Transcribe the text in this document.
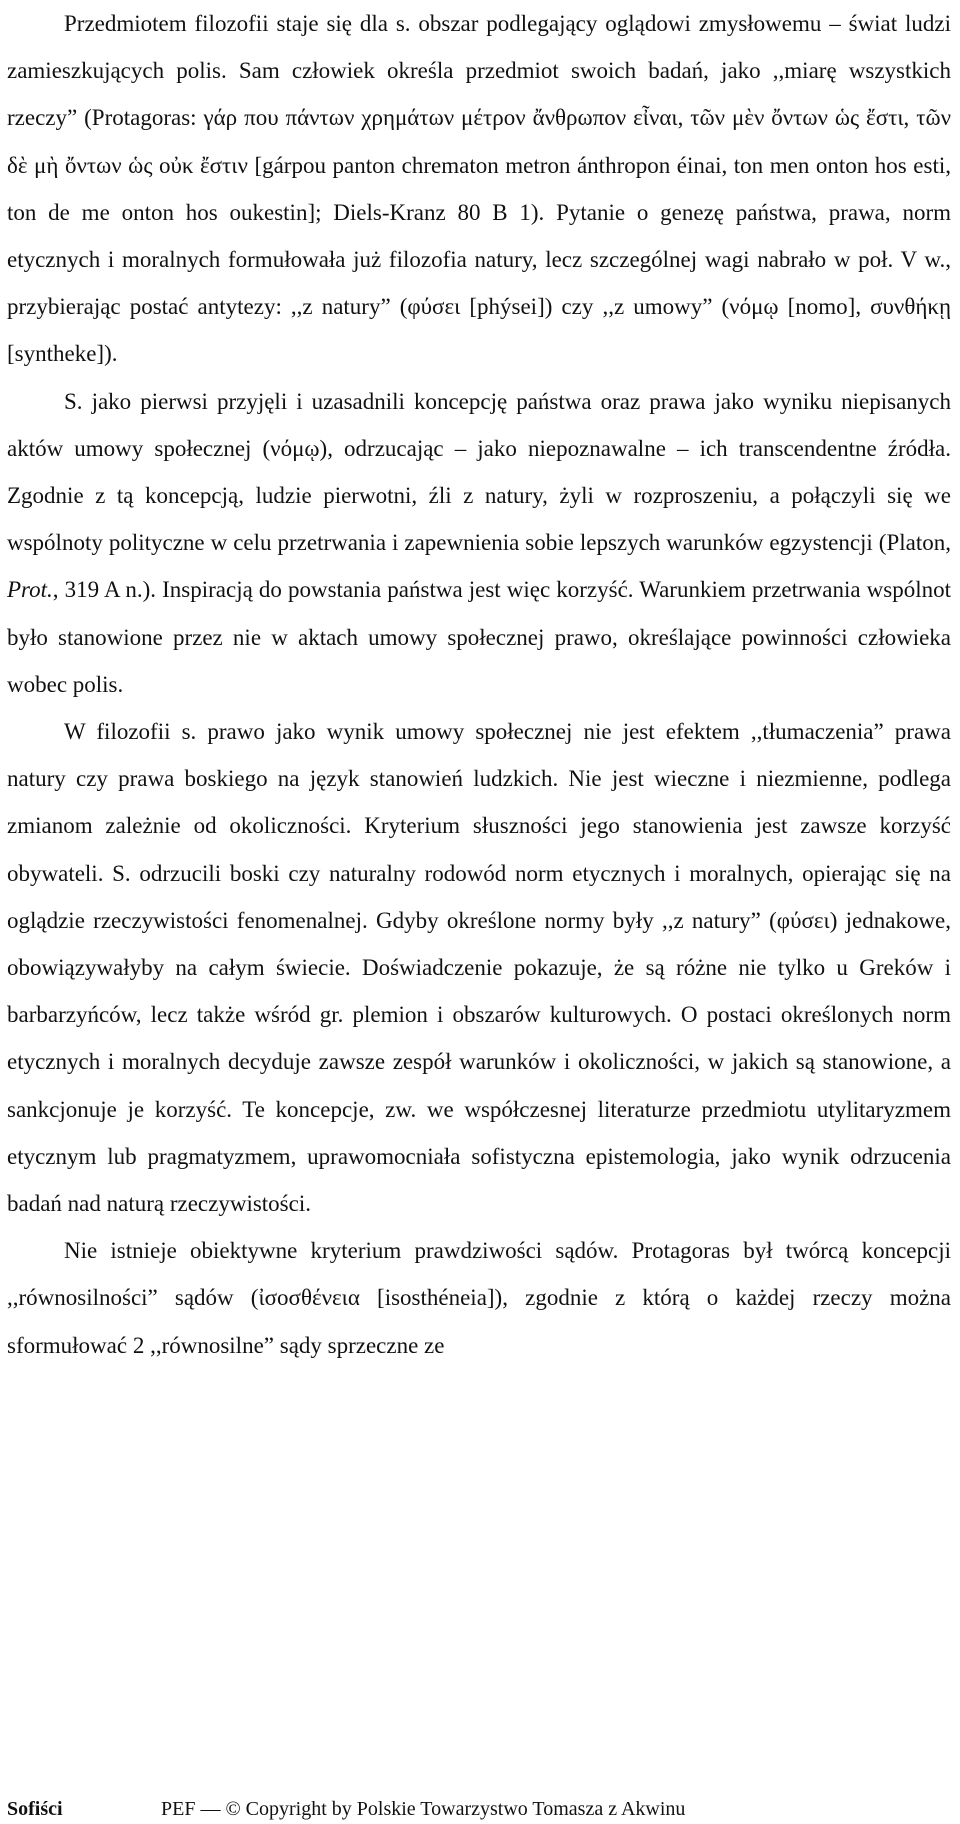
Przedmiotem filozofii staje się dla s. obszar podlegający oglądowi zmysłowemu – świat ludzi zamieszkujących polis. Sam człowiek określa przedmiot swoich badań, jako ,,miarę wszystkich rzeczy” (Protagoras: γάρ που πάντων χρημάτων μέτρον ἄνθρωπον εἶναι, τῶν μὲν ὄντων ὡς ἔστι, τῶν δὲ μὴ ὄντων ὡς οὐκ ἔστιν [gárpou panton chrematon metron ánthropon éinai, ton men onton hos esti, ton de me onton hos oukestin]; Diels-Kranz 80 B 1). Pytanie o genezę państwa, prawa, norm etycznych i moralnych formułowała już filozofia natury, lecz szczególnej wagi nabrało w poł. V w., przybierając postać antytezy: ,,z natury” (φύσει [phýsei]) czy ,,z umowy” (νόμῳ [nomo], συνθήκῃ [syntheke]).

S. jako pierwsi przyjęli i uzasadnili koncepcję państwa oraz prawa jako wyniku niepisanych aktów umowy społecznej (νόμῳ), odrzucając – jako niepoznawalne – ich transcendentne źródła. Zgodnie z tą koncepcją, ludzie pierwotni, źli z natury, żyli w rozproszeniu, a połączyli się we wspólnoty polityczne w celu przetrwania i zapewnienia sobie lepszych warunków egzystencji (Platon, Prot., 319 A n.). Inspiracją do powstania państwa jest więc korzyść. Warunkiem przetrwania wspólnot było stanowione przez nie w aktach umowy społecznej prawo, określające powinności człowieka wobec polis.

W filozofii s. prawo jako wynik umowy społecznej nie jest efektem ,,tłumaczenia” prawa natury czy prawa boskiego na język stanowień ludzkich. Nie jest wieczne i niezmienne, podlega zmianom zależnie od okoliczności. Kryterium słuszności jego stanowienia jest zawsze korzyść obywateli. S. odrzucili boski czy naturalny rodowód norm etycznych i moralnych, opierając się na oglądzie rzeczywistości fenomenalnej. Gdyby określone normy były ,,z natury” (φύσει) jednakowe, obowiązywałyby na całym świecie. Doświadczenie pokazuje, że są różne nie tylko u Greków i barbarzyńców, lecz także wśród gr. plemion i obszarów kulturowych. O postaci określonych norm etycznych i moralnych decyduje zawsze zespół warunków i okoliczności, w jakich są stanowione, a sankcjonuje je korzyść. Te koncepcje, zw. we współczesnej literaturze przedmiotu utylitaryzmem etycznym lub pragmatyzmem, uprawomocniała sofistyczna epistemologia, jako wynik odrzucenia badań nad naturą rzeczywistości.

Nie istnieje obiektywne kryterium prawdziwości sądów. Protagoras był twórcą koncepcji ,,równosilności” sądów (ἰσοσθένεια [isosthéneia]), zgodnie z którą o każdej rzeczy można sformułować 2 ,,równosilne” sądy sprzeczne ze

Sofiści	PEF — © Copyright by Polskie Towarzystwo Tomasza z Akwinu
